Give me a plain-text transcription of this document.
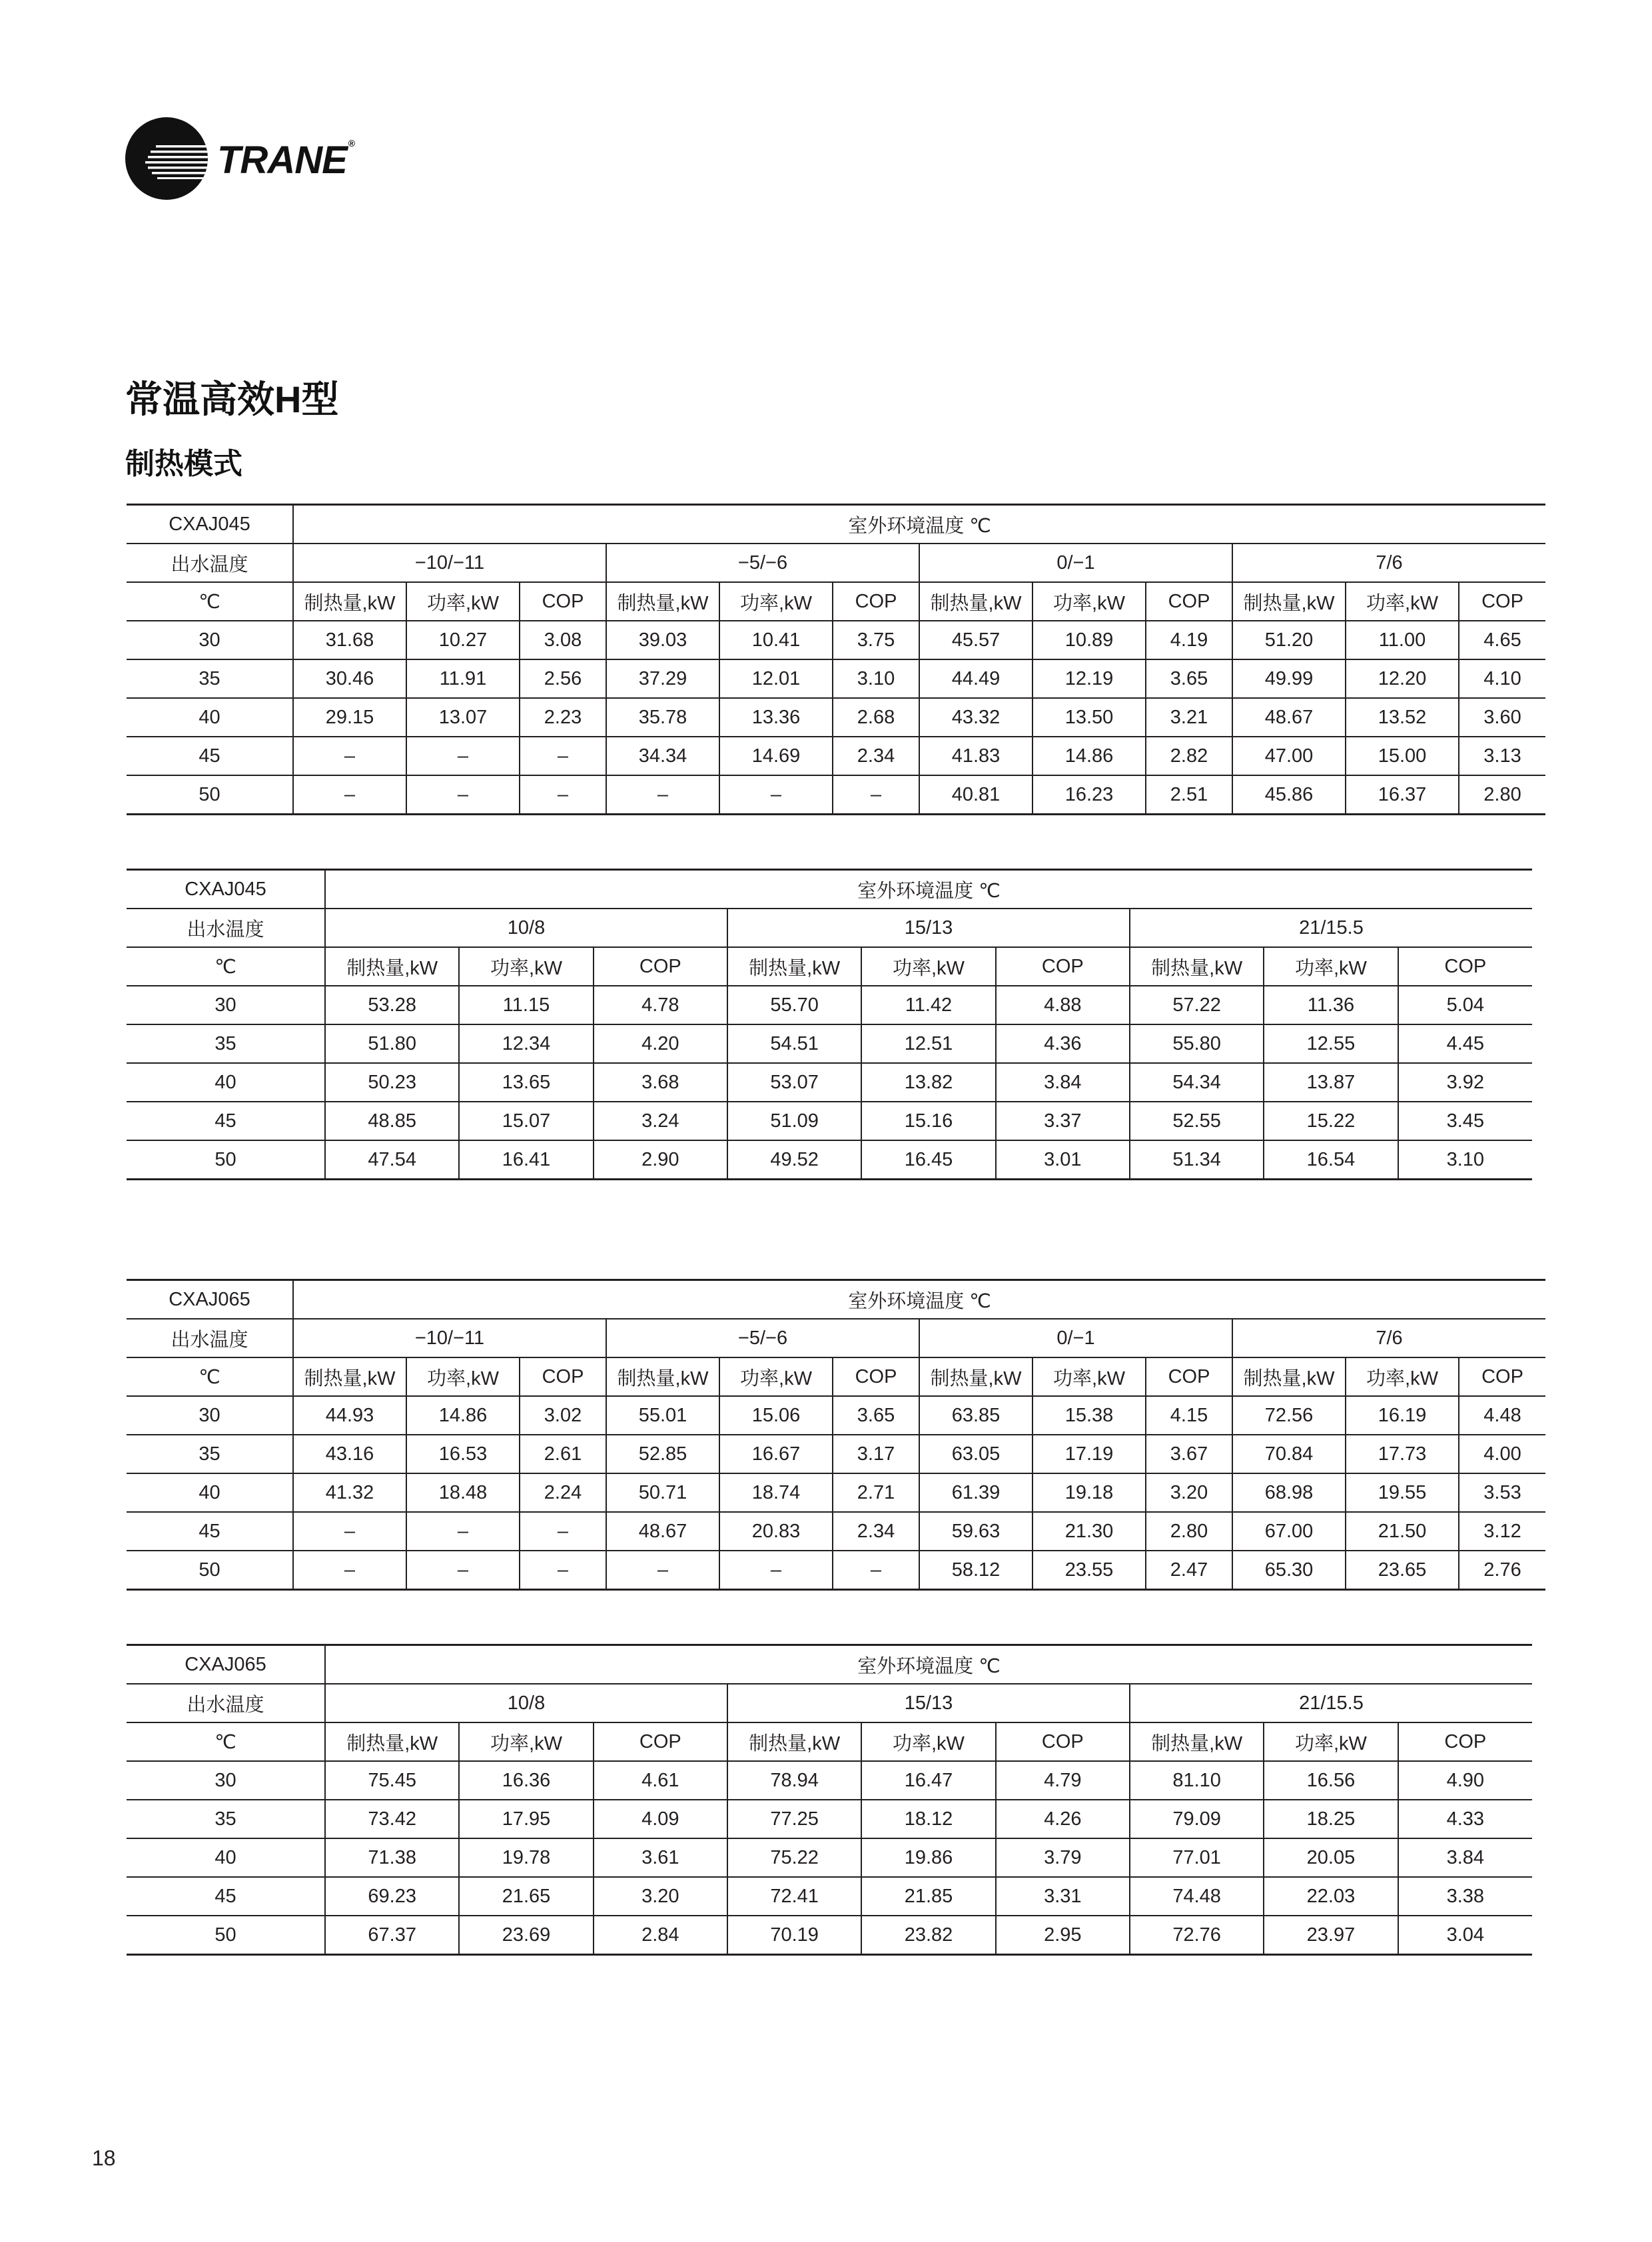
TRANE ®
常温高效H型
制热模式
CXAJ045	室外环境温度 ℃											
出水温度	−10/−11			−5/−6			0/−1			7/6		
℃	制热量,kW	功率,kW	COP	制热量,kW	功率,kW	COP	制热量,kW	功率,kW	COP	制热量,kW	功率,kW	COP
30	31.68	10.27	3.08	39.03	10.41	3.75	45.57	10.89	4.19	51.20	11.00	4.65
35	30.46	11.91	2.56	37.29	12.01	3.10	44.49	12.19	3.65	49.99	12.20	4.10
40	29.15	13.07	2.23	35.78	13.36	2.68	43.32	13.50	3.21	48.67	13.52	3.60
45	–	–	–	34.34	14.69	2.34	41.83	14.86	2.82	47.00	15.00	3.13
50	–	–	–	–	–	–	40.81	16.23	2.51	45.86	16.37	2.80
CXAJ045	室外环境温度 ℃								
出水温度	10/8			15/13			21/15.5		
℃	制热量,kW	功率,kW	COP	制热量,kW	功率,kW	COP	制热量,kW	功率,kW	COP
30	53.28	11.15	4.78	55.70	11.42	4.88	57.22	11.36	5.04
35	51.80	12.34	4.20	54.51	12.51	4.36	55.80	12.55	4.45
40	50.23	13.65	3.68	53.07	13.82	3.84	54.34	13.87	3.92
45	48.85	15.07	3.24	51.09	15.16	3.37	52.55	15.22	3.45
50	47.54	16.41	2.90	49.52	16.45	3.01	51.34	16.54	3.10
CXAJ065	室外环境温度 ℃											
出水温度	−10/−11			−5/−6			0/−1			7/6		
℃	制热量,kW	功率,kW	COP	制热量,kW	功率,kW	COP	制热量,kW	功率,kW	COP	制热量,kW	功率,kW	COP
30	44.93	14.86	3.02	55.01	15.06	3.65	63.85	15.38	4.15	72.56	16.19	4.48
35	43.16	16.53	2.61	52.85	16.67	3.17	63.05	17.19	3.67	70.84	17.73	4.00
40	41.32	18.48	2.24	50.71	18.74	2.71	61.39	19.18	3.20	68.98	19.55	3.53
45	–	–	–	48.67	20.83	2.34	59.63	21.30	2.80	67.00	21.50	3.12
50	–	–	–	–	–	–	58.12	23.55	2.47	65.30	23.65	2.76
CXAJ065	室外环境温度 ℃								
出水温度	10/8			15/13			21/15.5		
℃	制热量,kW	功率,kW	COP	制热量,kW	功率,kW	COP	制热量,kW	功率,kW	COP
30	75.45	16.36	4.61	78.94	16.47	4.79	81.10	16.56	4.90
35	73.42	17.95	4.09	77.25	18.12	4.26	79.09	18.25	4.33
40	71.38	19.78	3.61	75.22	19.86	3.79	77.01	20.05	3.84
45	69.23	21.65	3.20	72.41	21.85	3.31	74.48	22.03	3.38
50	67.37	23.69	2.84	70.19	23.82	2.95	72.76	23.97	3.04
18
